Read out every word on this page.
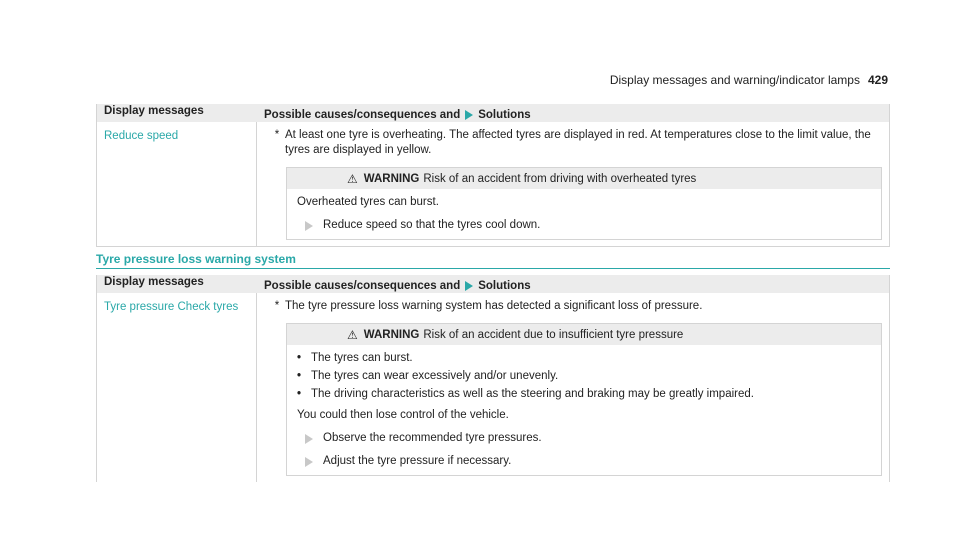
Display messages and warning/indicator lamps 429
Display messages	Possible causes/consequences and Solutions
Reduce speed	* At least one tyre is overheating. The affected tyres are displayed in red. At temperatures close to the limit value, the tyres are displayed in yellow.
⚠ WARNING Risk of an accident from driving with overheated tyres

Overheated tyres can burst.

Reduce speed so that the tyres cool down.
Tyre pressure loss warning system
Display messages	Possible causes/consequences and Solutions
Tyre pressure Check tyres	* The tyre pressure loss warning system has detected a significant loss of pressure.
⚠ WARNING Risk of an accident due to insufficient tyre pressure
• The tyres can burst.
• The tyres can wear excessively and/or unevenly.
• The driving characteristics as well as the steering and braking may be greatly impaired.

You could then lose control of the vehicle.

Observe the recommended tyre pressures.
Adjust the tyre pressure if necessary.
